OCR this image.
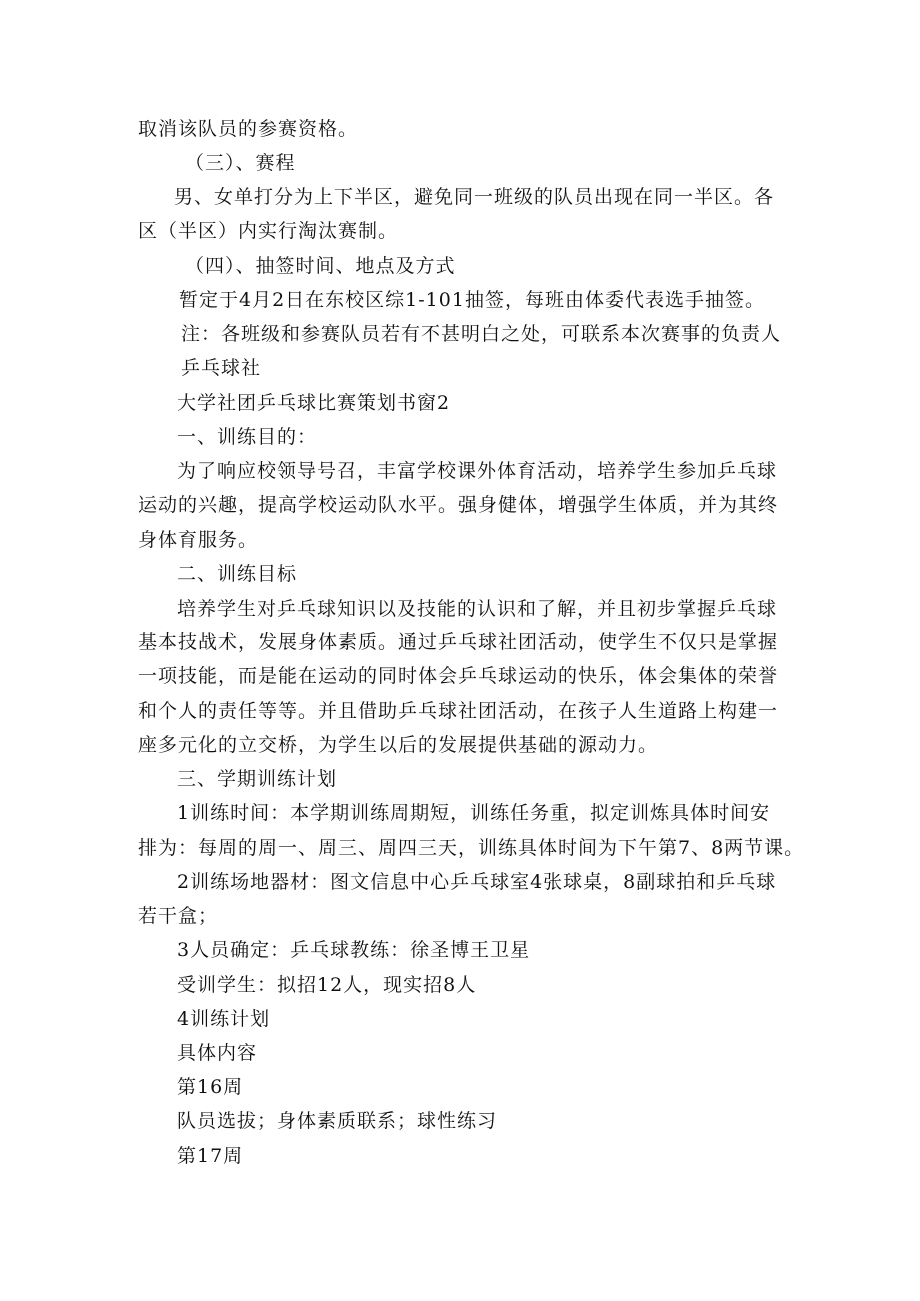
取消该队员的参赛资格。
（三）、赛程
男、女单打分为上下半区，避免同一班级的队员出现在同一半区。各
区（半区）内实行淘汰赛制。
（四）、抽签时间、地点及方式
暂定于4月2日在东校区综1-101抽签，每班由体委代表选手抽签。
注：各班级和参赛队员若有不甚明白之处，可联系本次赛事的负责人
乒乓球社
大学社团乒乓球比赛策划书窗2
一、训练目的：
为了响应校领导号召，丰富学校课外体育活动，培养学生参加乒乓球
运动的兴趣，提高学校运动队水平。强身健体，增强学生体质，并为其终
身体育服务。
二、训练目标
培养学生对乒乓球知识以及技能的认识和了解，并且初步掌握乒乓球
基本技战术，发展身体素质。通过乒乓球社团活动，使学生不仅只是掌握
一项技能，而是能在运动的同时体会乒乓球运动的快乐，体会集体的荣誉
和个人的责任等等。并且借助乒乓球社团活动，在孩子人生道路上构建一
座多元化的立交桥，为学生以后的发展提供基础的源动力。
三、学期训练计划
1训练时间：本学期训练周期短，训练任务重，拟定训炼具体时间安
排为：每周的周一、周三、周四三天，训练具体时间为下午第7、8两节课。
2训练场地器材：图文信息中心乒乓球室4张球桌，8副球拍和乒乓球
若干盒；
3人员确定：乒乓球教练：徐圣博王卫星
受训学生：拟招12人，现实招8人
4训练计划
具体内容
第16周
队员选拔；身体素质联系；球性练习
第17周
